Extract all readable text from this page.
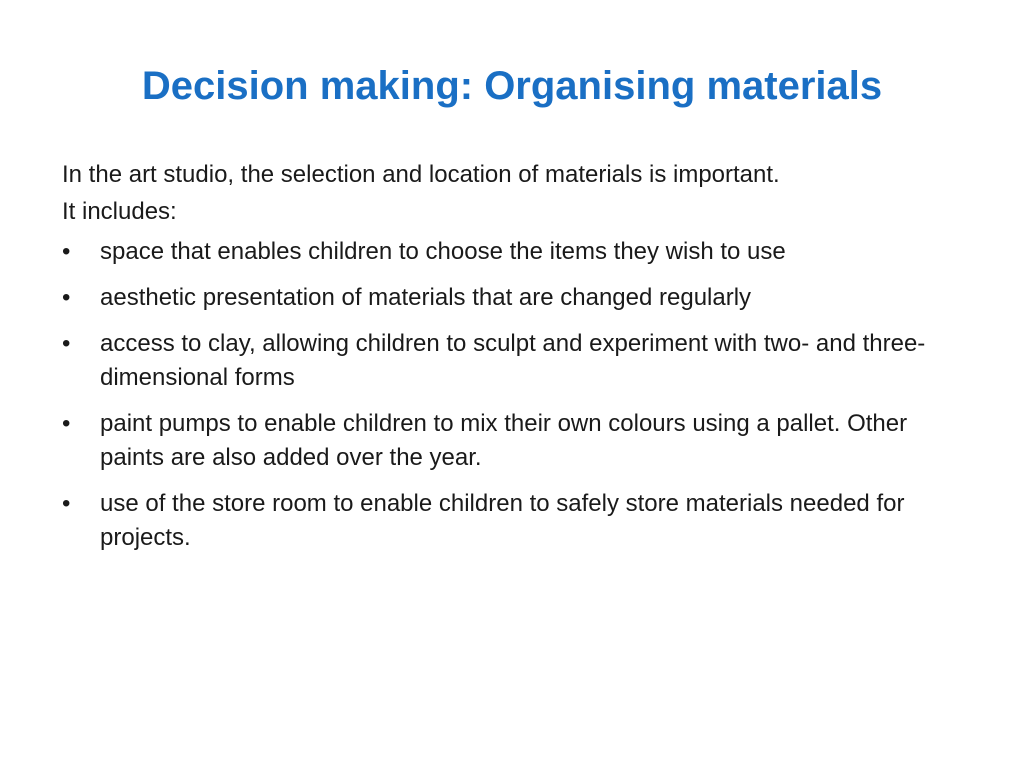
Decision making: Organising materials

In the art studio, the selection and location of materials is important.
It includes:

• space that enables children to choose the items they wish to use
• aesthetic presentation of materials that are changed regularly
• access to clay, allowing children to sculpt and experiment with two- and three-dimensional forms
• paint pumps to enable children to mix their own colours using a pallet. Other paints are also added over the year.
• use of the store room to enable children to safely store materials needed for projects.
